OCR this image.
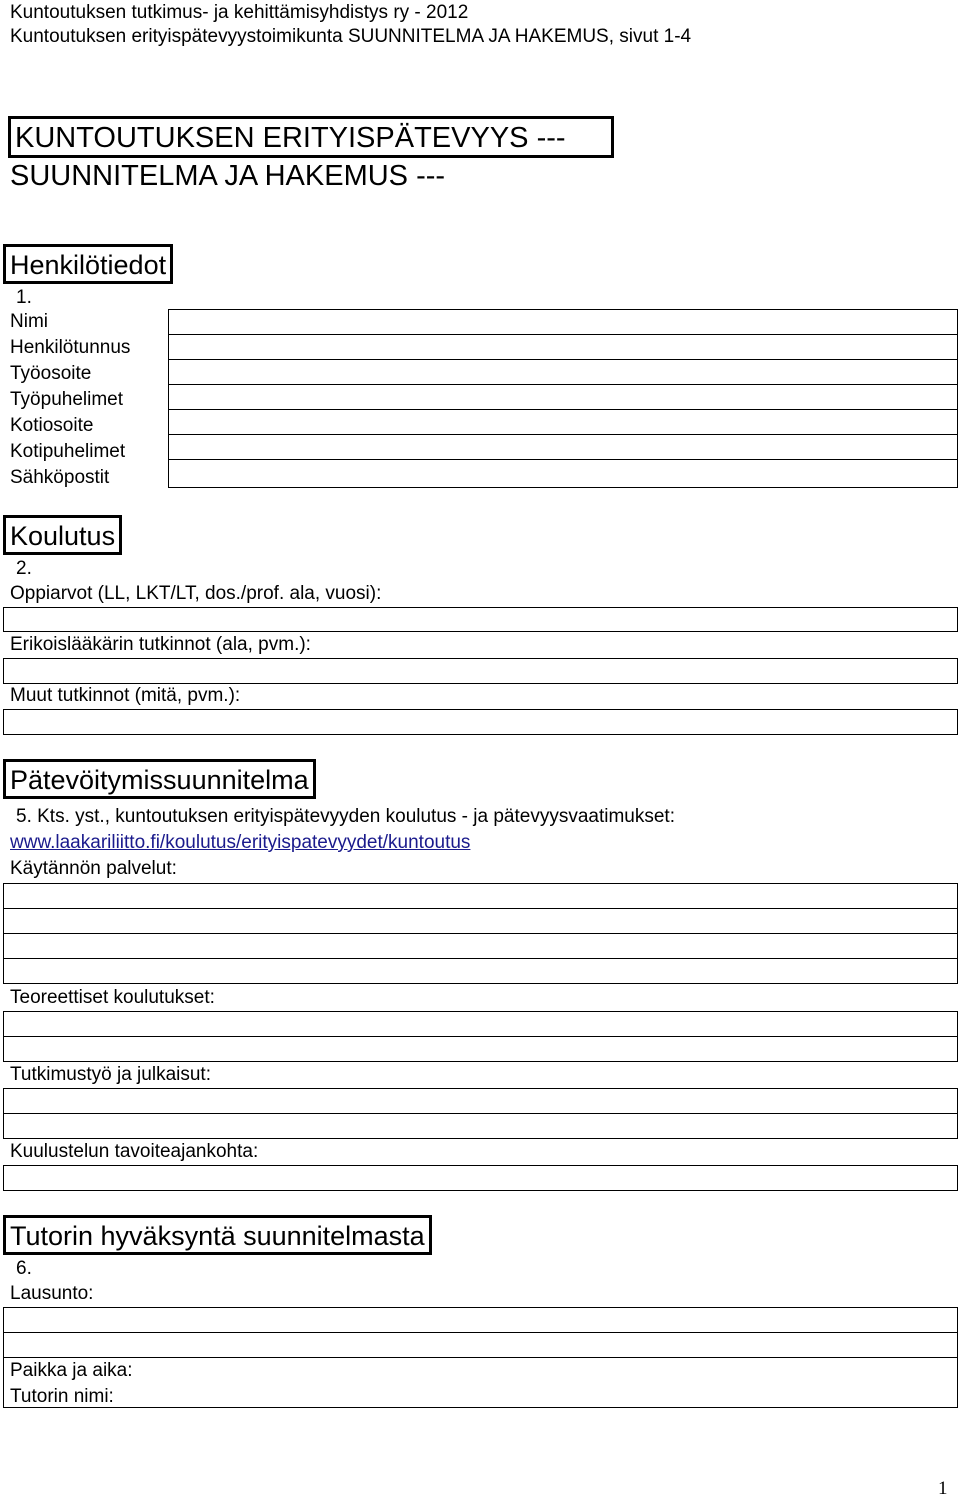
Kuntoutuksen tutkimus- ja kehittämisyhdistys ry - 2012
Kuntoutuksen erityispätevyystoimikunta SUUNNITELMA JA HAKEMUS, sivut 1-4
KUNTOUTUKSEN ERITYISPÄTEVYYS ---
SUUNNITELMA JA HAKEMUS ---
Henkilötiedot
1.
Nimi
Henkilötunnus
Työosoite
Työpuhelimet
Kotiosoite
Kotipuhelimet
Sähköpostit
Koulutus
2.
Oppiarvot (LL, LKT/LT, dos./prof. ala, vuosi):
Erikoislääkärin tutkinnot (ala, pvm.):
Muut tutkinnot (mitä, pvm.):
Pätevöitymissuunnitelma
5. Kts. yst., kuntoutuksen erityispätevyyden koulutus - ja pätevyysvaatimukset:
www.laakariliitto.fi/koulutus/erityispatevyydet/kuntoutus
Käytännön palvelut:
Teoreettiset koulutukset:
Tutkimustyö ja julkaisut:
Kuulustelun tavoiteajankohta:
Tutorin hyväksyntä suunnitelmasta
6.
Lausunto:
Paikka ja aika:
Tutorin nimi:
1
